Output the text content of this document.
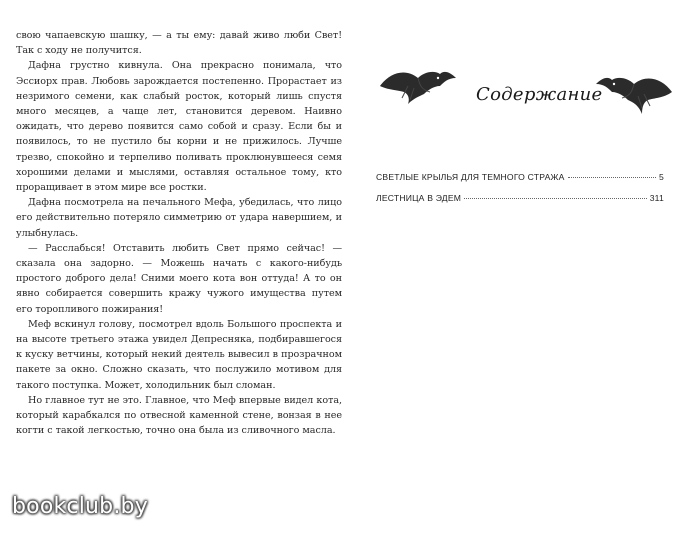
свою чапаевскую шашку, — а ты ему: давай живо люби Свет! Так с ходу не получится.

Дафна грустно кивнула. Она прекрасно понимала, что Эссиорх прав. Любовь зарождается постепенно. Прорастает из незримого семени, как слабый росток, который лишь спустя много месяцев, а чаще лет, становится деревом. Наивно ожидать, что дерево появится само собой и сразу. Если бы и появилось, то не пустило бы корни и не прижилось. Лучше трезво, спокойно и терпеливо поливать проклюнувшееся семя хорошими делами и мыслями, оставляя остальное тому, кто проращивает в этом мире все ростки.

Дафна посмотрела на печального Мефа, убедилась, что лицо его действительно потеряло симметрию от удара навершием, и улыбнулась.

— Расслабься! Отставить любить Свет прямо сейчас! — сказала она задорно. — Можешь начать с какого-нибудь простого доброго дела! Сними моего кота вон оттуда! А то он явно собирается совершить кражу чужого имущества путем его торопливого пожирания!

Меф вскинул голову, посмотрел вдоль Большого проспекта и на высоте третьего этажа увидел Депресняка, подбиравшегося к куску ветчины, который некий деятель вывесил в прозрачном пакете за окно. Сложно сказать, что послужило мотивом для такого поступка. Может, холодильник был сломан.

Но главное тут не это. Главное, что Меф впервые видел кота, который карабкался по отвесной каменной стене, вонзая в нее когти с такой легкостью, точно она была из сливочного масла.

Содержание
СВЕТЛЫЕ КРЫЛЬЯ ДЛЯ ТЕМНОГО СТРАЖА	5
ЛЕСТНИЦА В ЭДЕМ	311
bookclub.by
